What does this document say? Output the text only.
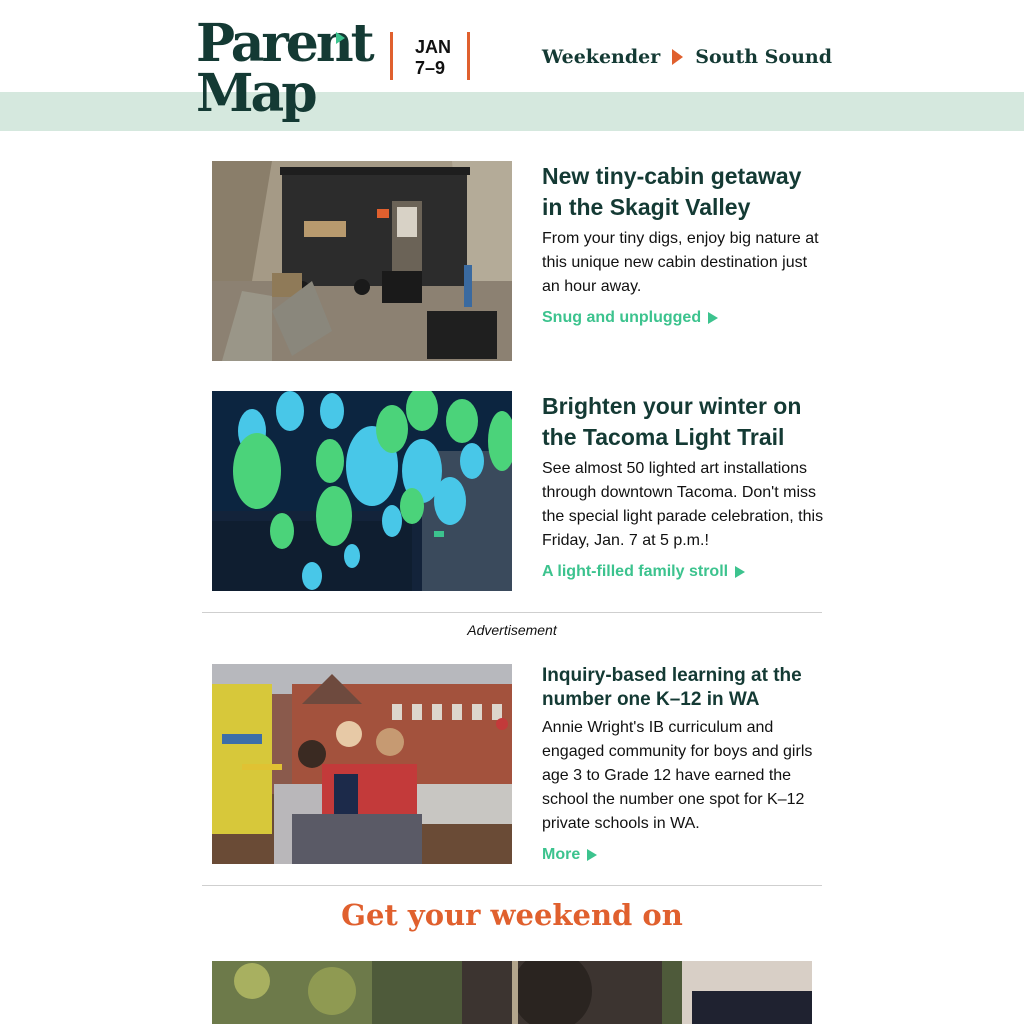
Parent
Map
JAN
7–9	Weekender South Sound
New tiny-cabin getaway in the Skagit Valley

From your tiny digs, enjoy big nature at this unique new cabin destination just an hour away.

Snug and unplugged
Brighten your winter on the Tacoma Light Trail

See almost 50 lighted art installations through downtown Tacoma. Don't miss the special light parade celebration, this Friday, Jan. 7 at 5 p.m.!

A light-filled family stroll
Advertisement
Inquiry-based learning at the number one K–12 in WA

Annie Wright's IB curriculum and engaged community for boys and girls age 3 to Grade 12 have earned the school the number one spot for K–12 private schools in WA.

More
Get your weekend on
